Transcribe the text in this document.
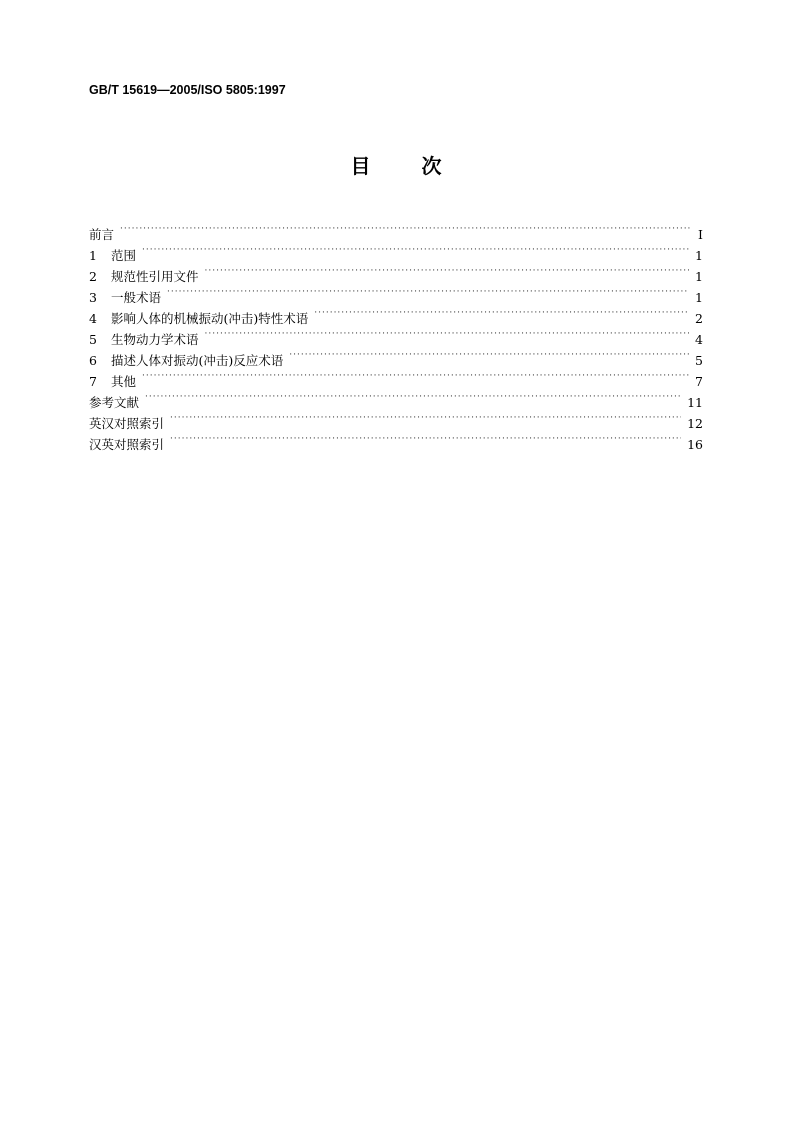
GB/T 15619—2005/ISO 5805:1997
目 次
前言 ·····	I
1	范围 ·····	1
2	规范性引用文件 ·····	1
3	一般术语 ·····	1
4	影响人体的机械振动(冲击)特性术语 ·····	2
5	生物动力学术语 ·····	4
6	描述人体对振动(冲击)反应术语 ·····	5
7	其他 ·····	7
参考文献 ·····	11
英汉对照索引 ·····	12
汉英对照索引 ·····	16
